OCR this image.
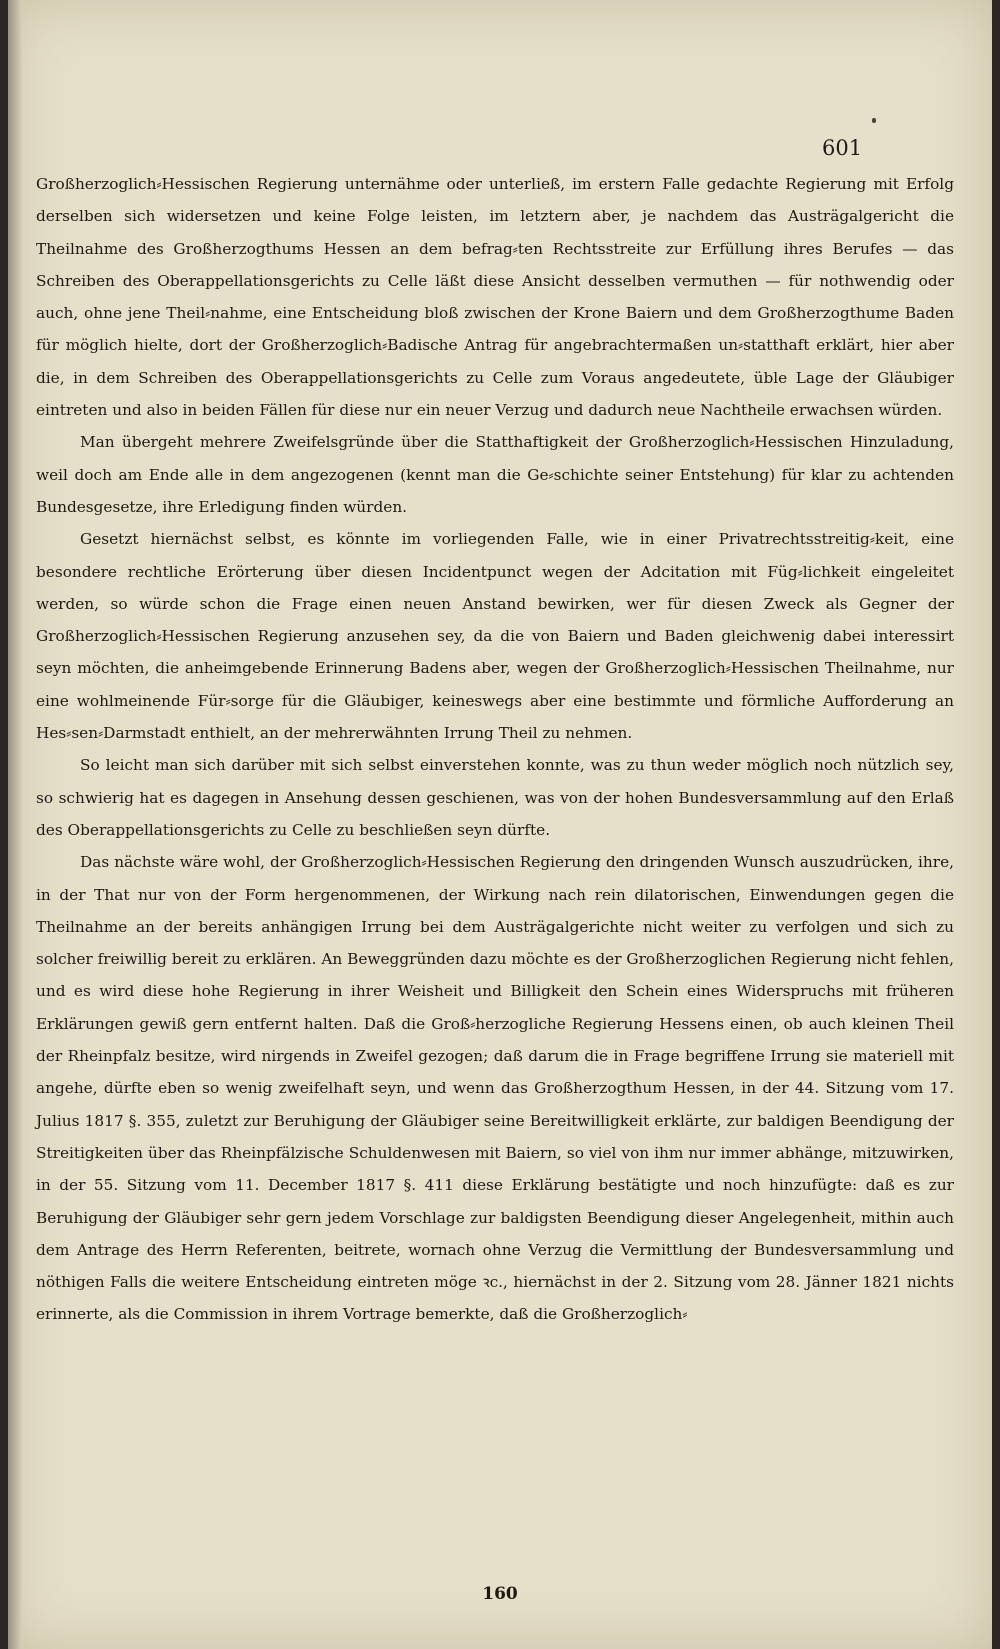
601

Großherzoglich⸗Hessischen Regierung unternähme oder unterließ, im erstern Falle gedachte Regierung mit Erfolg derselben sich widersetzen und keine Folge leisten, im letztern aber, je nachdem das Austrägalgericht die Theilnahme des Großherzogthums Hessen an dem befrag⸗ten Rechtsstreite zur Erfüllung ihres Berufes — das Schreiben des Oberappellationsgerichts zu Celle läßt diese Ansicht desselben vermuthen — für nothwendig oder auch, ohne jene Theil⸗nahme, eine Entscheidung bloß zwischen der Krone Baiern und dem Großherzogthume Baden für möglich hielte, dort der Großherzoglich⸗Badische Antrag für angebrachtermaßen un⸗statthaft erklärt, hier aber die, in dem Schreiben des Oberappellationsgerichts zu Celle zum Voraus angedeutete, üble Lage der Gläubiger eintreten und also in beiden Fällen für diese nur ein neuer Verzug und dadurch neue Nachtheile erwachsen würden.

Man übergeht mehrere Zweifelsgründe über die Statthaftigkeit der Großherzoglich⸗Hessischen Hinzuladung, weil doch am Ende alle in dem angezogenen (kennt man die Ge⸗schichte seiner Entstehung) für klar zu achtenden Bundesgesetze, ihre Erledigung finden würden.

Gesetzt hiernächst selbst, es könnte im vorliegenden Falle, wie in einer Privatrechtsstreitig⸗keit, eine besondere rechtliche Erörterung über diesen Incidentpunct wegen der Adcitation mit Füg⸗lichkeit eingeleitet werden, so würde schon die Frage einen neuen Anstand bewirken, wer für diesen Zweck als Gegner der Großherzoglich⸗Hessischen Regierung anzusehen sey, da die von Baiern und Baden gleichwenig dabei interessirt seyn möchten, die anheimgebende Erinnerung Badens aber, wegen der Großherzoglich⸗Hessischen Theilnahme, nur eine wohlmeinende Für⸗sorge für die Gläubiger, keineswegs aber eine bestimmte und förmliche Aufforderung an Hes⸗sen⸗Darmstadt enthielt, an der mehrerwähnten Irrung Theil zu nehmen.

So leicht man sich darüber mit sich selbst einverstehen konnte, was zu thun weder möglich noch nützlich sey, so schwierig hat es dagegen in Ansehung dessen geschienen, was von der hohen Bundesversammlung auf den Erlaß des Oberappellationsgerichts zu Celle zu beschließen seyn dürfte.

Das nächste wäre wohl, der Großherzoglich⸗Hessischen Regierung den dringenden Wunsch auszudrücken, ihre, in der That nur von der Form hergenommenen, der Wirkung nach rein dilatorischen, Einwendungen gegen die Theilnahme an der bereits anhängigen Irrung bei dem Austrägalgerichte nicht weiter zu verfolgen und sich zu solcher freiwillig bereit zu erklären. An Beweggründen dazu möchte es der Großherzoglichen Regierung nicht fehlen, und es wird diese hohe Regierung in ihrer Weisheit und Billigkeit den Schein eines Widerspruchs mit früheren Erklärungen gewiß gern entfernt halten. Daß die Groß⸗herzogliche Regierung Hessens einen, ob auch kleinen Theil der Rheinpfalz besitze, wird nirgends in Zweifel gezogen; daß darum die in Frage begriffene Irrung sie materiell mit angehe, dürfte eben so wenig zweifelhaft seyn, und wenn das Großherzogthum Hessen, in der 44. Sitzung vom 17. Julius 1817 §. 355, zuletzt zur Beruhigung der Gläubiger seine Bereitwilligkeit erklärte, zur baldigen Beendigung der Streitigkeiten über das Rheinpfälzische Schuldenwesen mit Baiern, so viel von ihm nur immer abhänge, mitzuwirken, in der 55. Sitzung vom 11. December 1817 §. 411 diese Erklärung bestätigte und noch hinzufügte: daß es zur Beruhigung der Gläubiger sehr gern jedem Vorschlage zur baldigsten Beendigung dieser Angelegenheit, mithin auch dem Antrage des Herrn Referenten, beitrete, wornach ohne Verzug die Vermittlung der Bundesversammlung und nöthigen Falls die weitere Entscheidung eintreten möge ꝛc., hiernächst in der 2. Sitzung vom 28. Jänner 1821 nichts erinnerte, als die Commission in ihrem Vortrage bemerkte, daß die Großherzoglich⸗

160
